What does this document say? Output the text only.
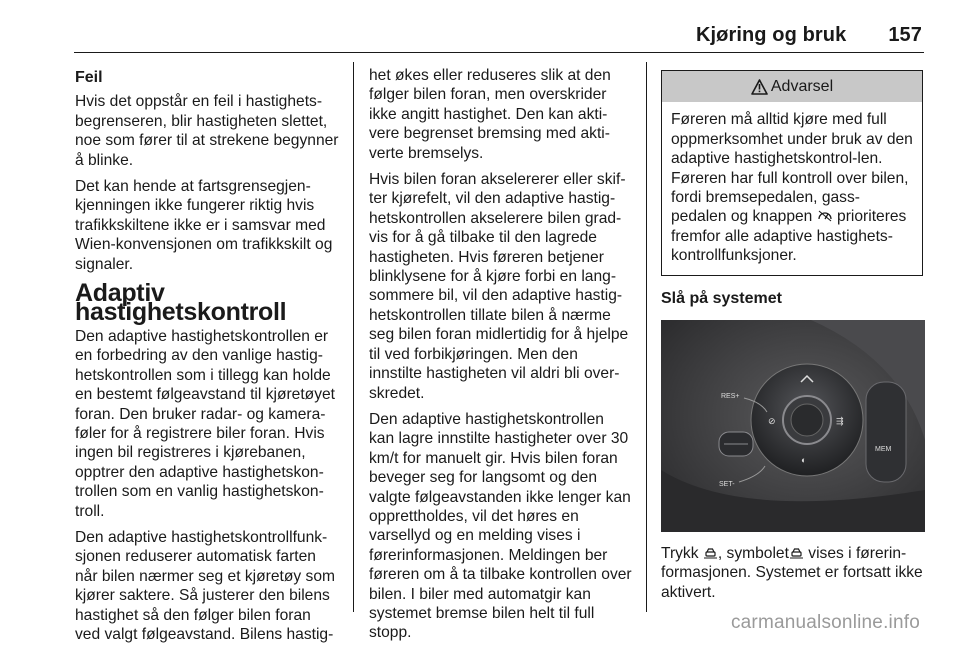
Kjøring og bruk 157
Feil

Hvis det oppstår en feil i hastighets-begrenseren, blir hastigheten slettet, noe som fører til at strekene begynner å blinke.

Det kan hende at fartsgrensegjen-kjenningen ikke fungerer riktig hvis trafikkskiltene ikke er i samsvar med Wien-konvensjonen om trafikkskilt og signaler.

Adaptiv hastighetskontroll

Den adaptive hastighetskontrollen er en forbedring av den vanlige hastig-hetskontrollen som i tillegg kan holde en bestemt følgeavstand til kjøretøyet foran. Den bruker radar- og kamera-føler for å registrere biler foran. Hvis ingen bil registreres i kjørebanen, opptrer den adaptive hastighetskon-trollen som en vanlig hastighetskon-troll.

Den adaptive hastighetskontrollfunk-sjonen reduserer automatisk farten når bilen nærmer seg et kjøretøy som kjører saktere. Så justerer den bilens hastighet så den følger bilen foran ved valgt følgeavstand. Bilens hastig-

het økes eller reduseres slik at den følger bilen foran, men overskrider ikke angitt hastighet. Den kan akti-vere begrenset bremsing med akti-verte bremselys.

Hvis bilen foran akselererer eller skif-ter kjørefelt, vil den adaptive hastig-hetskontrollen akselerere bilen grad-vis for å gå tilbake til den lagrede hastigheten. Hvis føreren betjener blinklysene for å kjøre forbi en lang-sommere bil, vil den adaptive hastig-hetskontrollen tillate bilen å nærme seg bilen foran midlertidig for å hjelpe til ved forbikjøringen. Men den innstilte hastigheten vil aldri bli over-skredet.

Den adaptive hastighetskontrollen kan lagre innstilte hastigheter over 30 km/t for manuelt gir. Hvis bilen foran beveger seg for langsomt og den valgte følgeavstanden ikke lenger kan opprettholdes, vil det høres en varsellyd og en melding vises i førerinformasjonen. Meldingen ber føreren om å ta tilbake kontrollen over bilen. I biler med automatgir kan systemet bremse bilen helt til full stopp.

Advarsel
Føreren må alltid kjøre med full oppmerksomhet under bruk av den adaptive hastighetskontrol-len. Føreren har full kontroll over bilen, fordi bremsepedalen, gass-pedalen og knappen prioriteres fremfor alle adaptive hastighets-kontrollfunksjoner.
Slå på systemet
MEM
⊘	⇶
◐
RES+
SET-

Trykk , symbolet vises i førerin-formasjonen. Systemet er fortsatt ikke aktivert.

carmanualsonline.info
